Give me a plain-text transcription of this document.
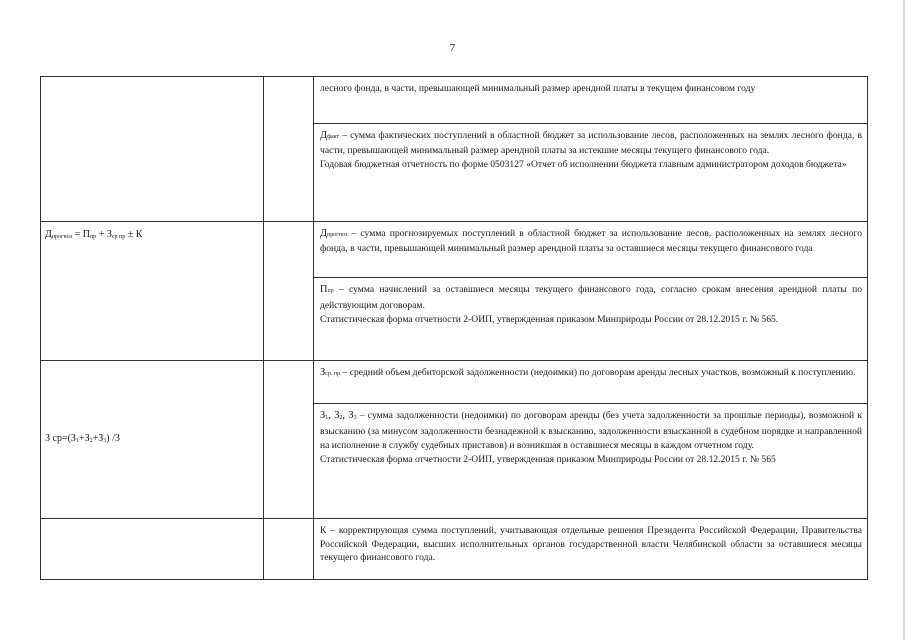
7

		лесного фонда, в части, превышающей минимальный размер арендной платы в текущем финансовом году

		Дфакт – сумма фактических поступлений в областной бюджет за использование лесов, расположенных на землях лесного фонда, в части, превышающей минимальный размер арендной платы за истекшие месяцы текущего финансового года.

Годовая бюджетная отчетность по форме 0503127 «Отчет об исполнении бюджета главным администратором доходов бюджета»

$Д_{прогноз} = П_{пр} + З_{ср пр} \pm К$		Дпрогноз – сумма прогнозируемых поступлений в областной бюджет за использование лесов, расположенных на землях лесного фонда, в части, превышающей минимальный размер арендной платы за оставшиеся месяцы текущего финансового года

		Ппр – сумма начислений за оставшиеся месяцы текущего финансового года, согласно срокам внесения арендной платы по действующим договорам.

Статистическая форма отчетности 2-ОИП, утвержденная приказом Минприроды России от 28.12.2015 г. № 565.

З $ср=(З_1+З_2+З_3)$ /3		Зср. пр – средний объем дебиторской задолженности (недоимки) по договорам аренды лесных участков, возможный к поступлению.

		$З_1$, $З_2$, $З_3$ – сумма задолженности (недоимки) по договорам аренды (без учета задолженности за прошлые периоды), возможной к взысканию (за минусом задолженности безнадежной к взысканию, задолженности взысканной в судебном порядке и направленной на исполнение в службу судебных приставов) и возникшая в оставшиеся месяцы в каждом отчетном году.

Статистическая форма отчетности 2-ОИП, утвержденная приказом Минприроды России от 28.12.2015 г. № 565

		К – корректирующая сумма поступлений, учитывающая отдельные решения Президента Российской Федерации, Правительства Российской Федерации, высших исполнительных органов государственной власти Челябинской области за оставшиеся месяцы текущего финансового года.
